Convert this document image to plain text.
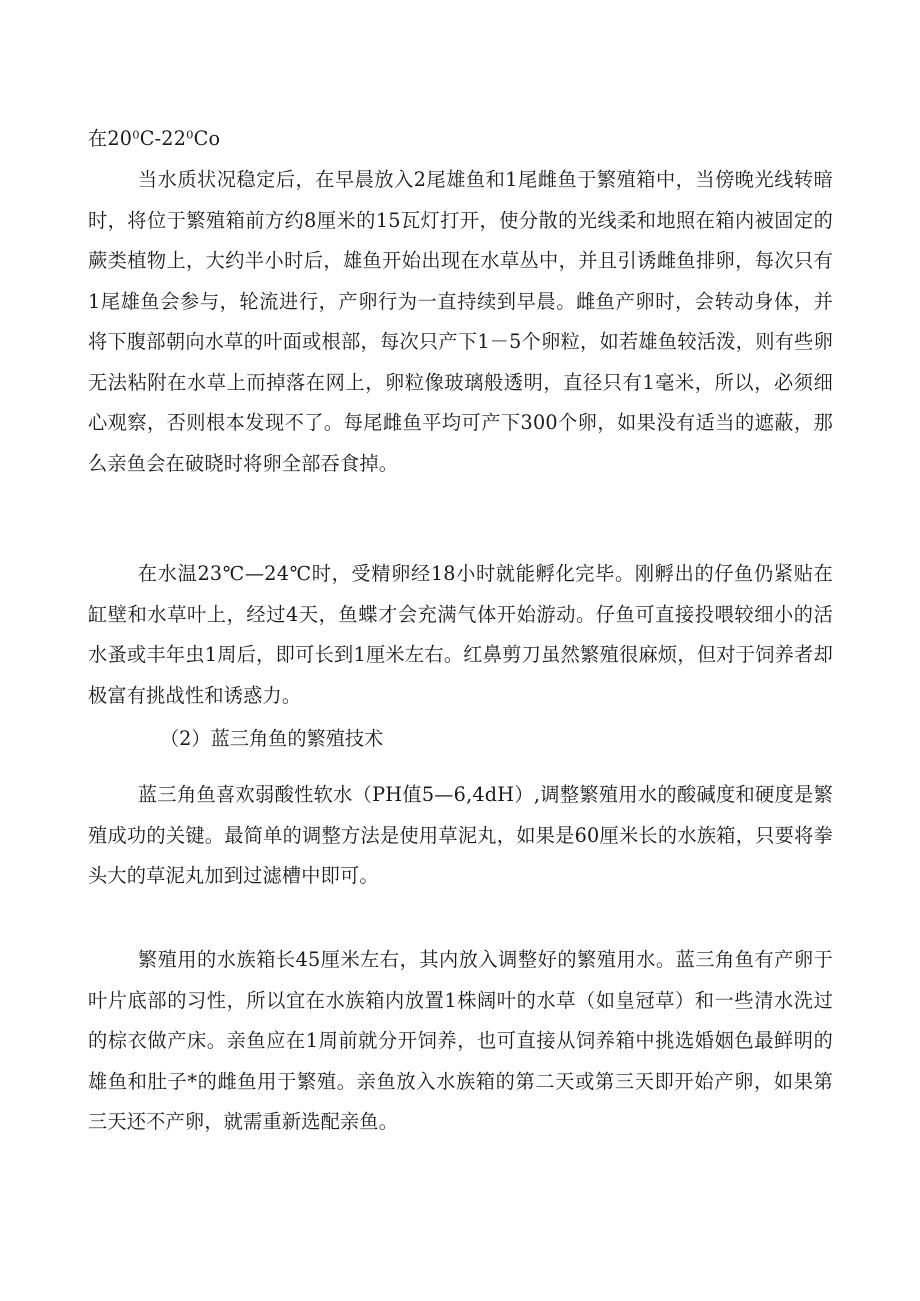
在$20^0C-22^0Co$

当水质状况稳定后，在早晨放入2尾雄鱼和1尾雌鱼于繁殖箱中，当傍晚光线转暗时，将位于繁殖箱前方约8厘米的15瓦灯打开，使分散的光线柔和地照在箱内被固定的蕨类植物上，大约半小时后，雄鱼开始出现在水草丛中，并且引诱雌鱼排卵，每次只有1尾雄鱼会参与，轮流进行，产卵行为一直持续到早晨。雌鱼产卵时，会转动身体，并将下腹部朝向水草的叶面或根部，每次只产下1－5个卵粒，如若雄鱼较活泼，则有些卵无法粘附在水草上而掉落在网上，卵粒像玻璃般透明，直径只有1毫米，所以，必须细心观察，否则根本发现不了。每尾雌鱼平均可产下300个卵，如果没有适当的遮蔽，那么亲鱼会在破晓时将卵全部吞食掉。

在水温23℃—24℃时，受精卵经18小时就能孵化完毕。刚孵出的仔鱼仍紧贴在缸壁和水草叶上，经过4天，鱼蝶才会充满气体开始游动。仔鱼可直接投喂较细小的活水蚤或丰年虫1周后，即可长到1厘米左右。红鼻剪刀虽然繁殖很麻烦，但对于饲养者却极富有挑战性和诱惑力。

（2）蓝三角鱼的繁殖技术

蓝三角鱼喜欢弱酸性软水（PH值5—6,4dH）,调整繁殖用水的酸碱度和硬度是繁殖成功的关键。最简单的调整方法是使用草泥丸，如果是60厘米长的水族箱，只要将拳头大的草泥丸加到过滤槽中即可。

繁殖用的水族箱长45厘米左右，其内放入调整好的繁殖用水。蓝三角鱼有产卵于叶片底部的习性，所以宜在水族箱内放置1株阔叶的水草（如皇冠草）和一些清水洗过的棕衣做产床。亲鱼应在1周前就分开饲养，也可直接从饲养箱中挑选婚姻色最鲜明的雄鱼和肚子*的雌鱼用于繁殖。亲鱼放入水族箱的第二天或第三天即开始产卵，如果第三天还不产卵，就需重新选配亲鱼。
